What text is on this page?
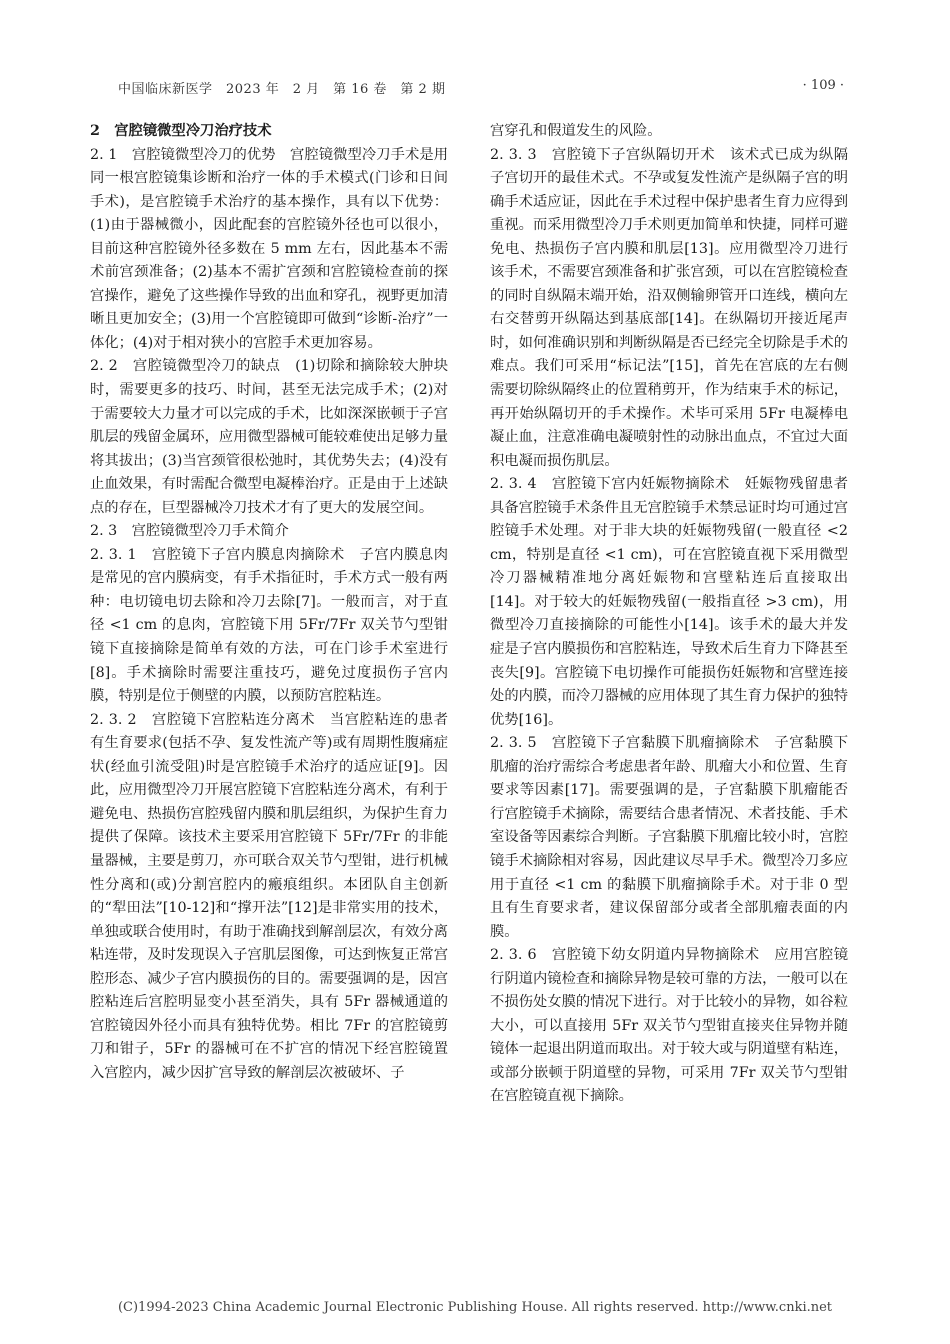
中国临床新医学　2023 年　2 月　第 16 卷　第 2 期	· 109 ·

2　宫腔镜微型冷刀治疗技术

2. 1　宫腔镜微型冷刀的优势　宫腔镜微型冷刀手术是用同一根宫腔镜集诊断和治疗一体的手术模式(门诊和日间手术)，是宫腔镜手术治疗的基本操作，具有以下优势：(1)由于器械微小，因此配套的宫腔镜外径也可以很小，目前这种宫腔镜外径多数在 5 mm 左右，因此基本不需术前宫颈准备；(2)基本不需扩宫颈和宫腔镜检查前的探宫操作，避免了这些操作导致的出血和穿孔，视野更加清晰且更加安全；(3)用一个宫腔镜即可做到“诊断-治疗”一体化；(4)对于相对狭小的宫腔手术更加容易。

2. 2　宫腔镜微型冷刀的缺点　(1)切除和摘除较大肿块时，需要更多的技巧、时间，甚至无法完成手术；(2)对于需要较大力量才可以完成的手术，比如深深嵌顿于子宫肌层的残留金属环，应用微型器械可能较难使出足够力量将其拔出；(3)当宫颈管很松弛时，其优势失去；(4)没有止血效果，有时需配合微型电凝棒治疗。正是由于上述缺点的存在，巨型器械冷刀技术才有了更大的发展空间。

2. 3　宫腔镜微型冷刀手术简介

2. 3. 1　宫腔镜下子宫内膜息肉摘除术　子宫内膜息肉是常见的宫内膜病变，有手术指征时，手术方式一般有两种：电切镜电切去除和冷刀去除[7]。一般而言，对于直径 <1 cm 的息肉，宫腔镜下用 5Fr/7Fr 双关节勺型钳镜下直接摘除是简单有效的方法，可在门诊手术室进行[8]。手术摘除时需要注重技巧，避免过度损伤子宫内膜，特别是位于侧壁的内膜，以预防宫腔粘连。

2. 3. 2　宫腔镜下宫腔粘连分离术　当宫腔粘连的患者有生育要求(包括不孕、复发性流产等)或有周期性腹痛症状(经血引流受阻)时是宫腔镜手术治疗的适应证[9]。因此，应用微型冷刀开展宫腔镜下宫腔粘连分离术，有利于避免电、热损伤宫腔残留内膜和肌层组织，为保护生育力提供了保障。该技术主要采用宫腔镜下 5Fr/7Fr 的非能量器械，主要是剪刀，亦可联合双关节勺型钳，进行机械性分离和(或)分割宫腔内的瘢痕组织。本团队自主创新的“犁田法”[10-12]和“撑开法”[12]是非常实用的技术，单独或联合使用时，有助于准确找到解剖层次，有效分离粘连带，及时发现误入子宫肌层图像，可达到恢复正常宫腔形态、减少子宫内膜损伤的目的。需要强调的是，因宫腔粘连后宫腔明显变小甚至消失，具有 5Fr 器械通道的宫腔镜因外径小而具有独特优势。相比 7Fr 的宫腔镜剪刀和钳子，5Fr 的器械可在不扩宫的情况下经宫腔镜置入宫腔内，减少因扩宫导致的解剖层次被破坏、子

宫穿孔和假道发生的风险。

2. 3. 3　宫腔镜下子宫纵隔切开术　该术式已成为纵隔子宫切开的最佳术式。不孕或复发性流产是纵隔子宫的明确手术适应证，因此在手术过程中保护患者生育力应得到重视。而采用微型冷刀手术则更加简单和快捷，同样可避免电、热损伤子宫内膜和肌层[13]。应用微型冷刀进行该手术，不需要宫颈准备和扩张宫颈，可以在宫腔镜检查的同时自纵隔末端开始，沿双侧输卵管开口连线，横向左右交替剪开纵隔达到基底部[14]。在纵隔切开接近尾声时，如何准确识别和判断纵隔是否已经完全切除是手术的难点。我们可采用“标记法”[15]，首先在宫底的左右侧需要切除纵隔终止的位置稍剪开，作为结束手术的标记，再开始纵隔切开的手术操作。术毕可采用 5Fr 电凝棒电凝止血，注意准确电凝喷射性的动脉出血点，不宜过大面积电凝而损伤肌层。

2. 3. 4　宫腔镜下宫内妊娠物摘除术　妊娠物残留患者具备宫腔镜手术条件且无宫腔镜手术禁忌证时均可通过宫腔镜手术处理。对于非大块的妊娠物残留(一般直径 <2 cm，特别是直径 <1 cm)，可在宫腔镜直视下采用微型冷刀器械精准地分离妊娠物和宫壁粘连后直接取出[14]。对于较大的妊娠物残留(一般指直径 >3 cm)，用微型冷刀直接摘除的可能性小[14]。该手术的最大并发症是子宫内膜损伤和宫腔粘连，导致术后生育力下降甚至丧失[9]。宫腔镜下电切操作可能损伤妊娠物和宫壁连接处的内膜，而冷刀器械的应用体现了其生育力保护的独特优势[16]。

2. 3. 5　宫腔镜下子宫黏膜下肌瘤摘除术　子宫黏膜下肌瘤的治疗需综合考虑患者年龄、肌瘤大小和位置、生育要求等因素[17]。需要强调的是，子宫黏膜下肌瘤能否行宫腔镜手术摘除，需要结合患者情况、术者技能、手术室设备等因素综合判断。子宫黏膜下肌瘤比较小时，宫腔镜手术摘除相对容易，因此建议尽早手术。微型冷刀多应用于直径 <1 cm 的黏膜下肌瘤摘除手术。对于非 0 型且有生育要求者，建议保留部分或者全部肌瘤表面的内膜。

2. 3. 6　宫腔镜下幼女阴道内异物摘除术　应用宫腔镜行阴道内镜检查和摘除异物是较可靠的方法，一般可以在不损伤处女膜的情况下进行。对于比较小的异物，如谷粒大小，可以直接用 5Fr 双关节勺型钳直接夹住异物并随镜体一起退出阴道而取出。对于较大或与阴道壁有粘连，或部分嵌顿于阴道壁的异物，可采用 7Fr 双关节勺型钳在宫腔镜直视下摘除。

(C)1994-2023 China Academic Journal Electronic Publishing House. All rights reserved. http://www.cnki.net
